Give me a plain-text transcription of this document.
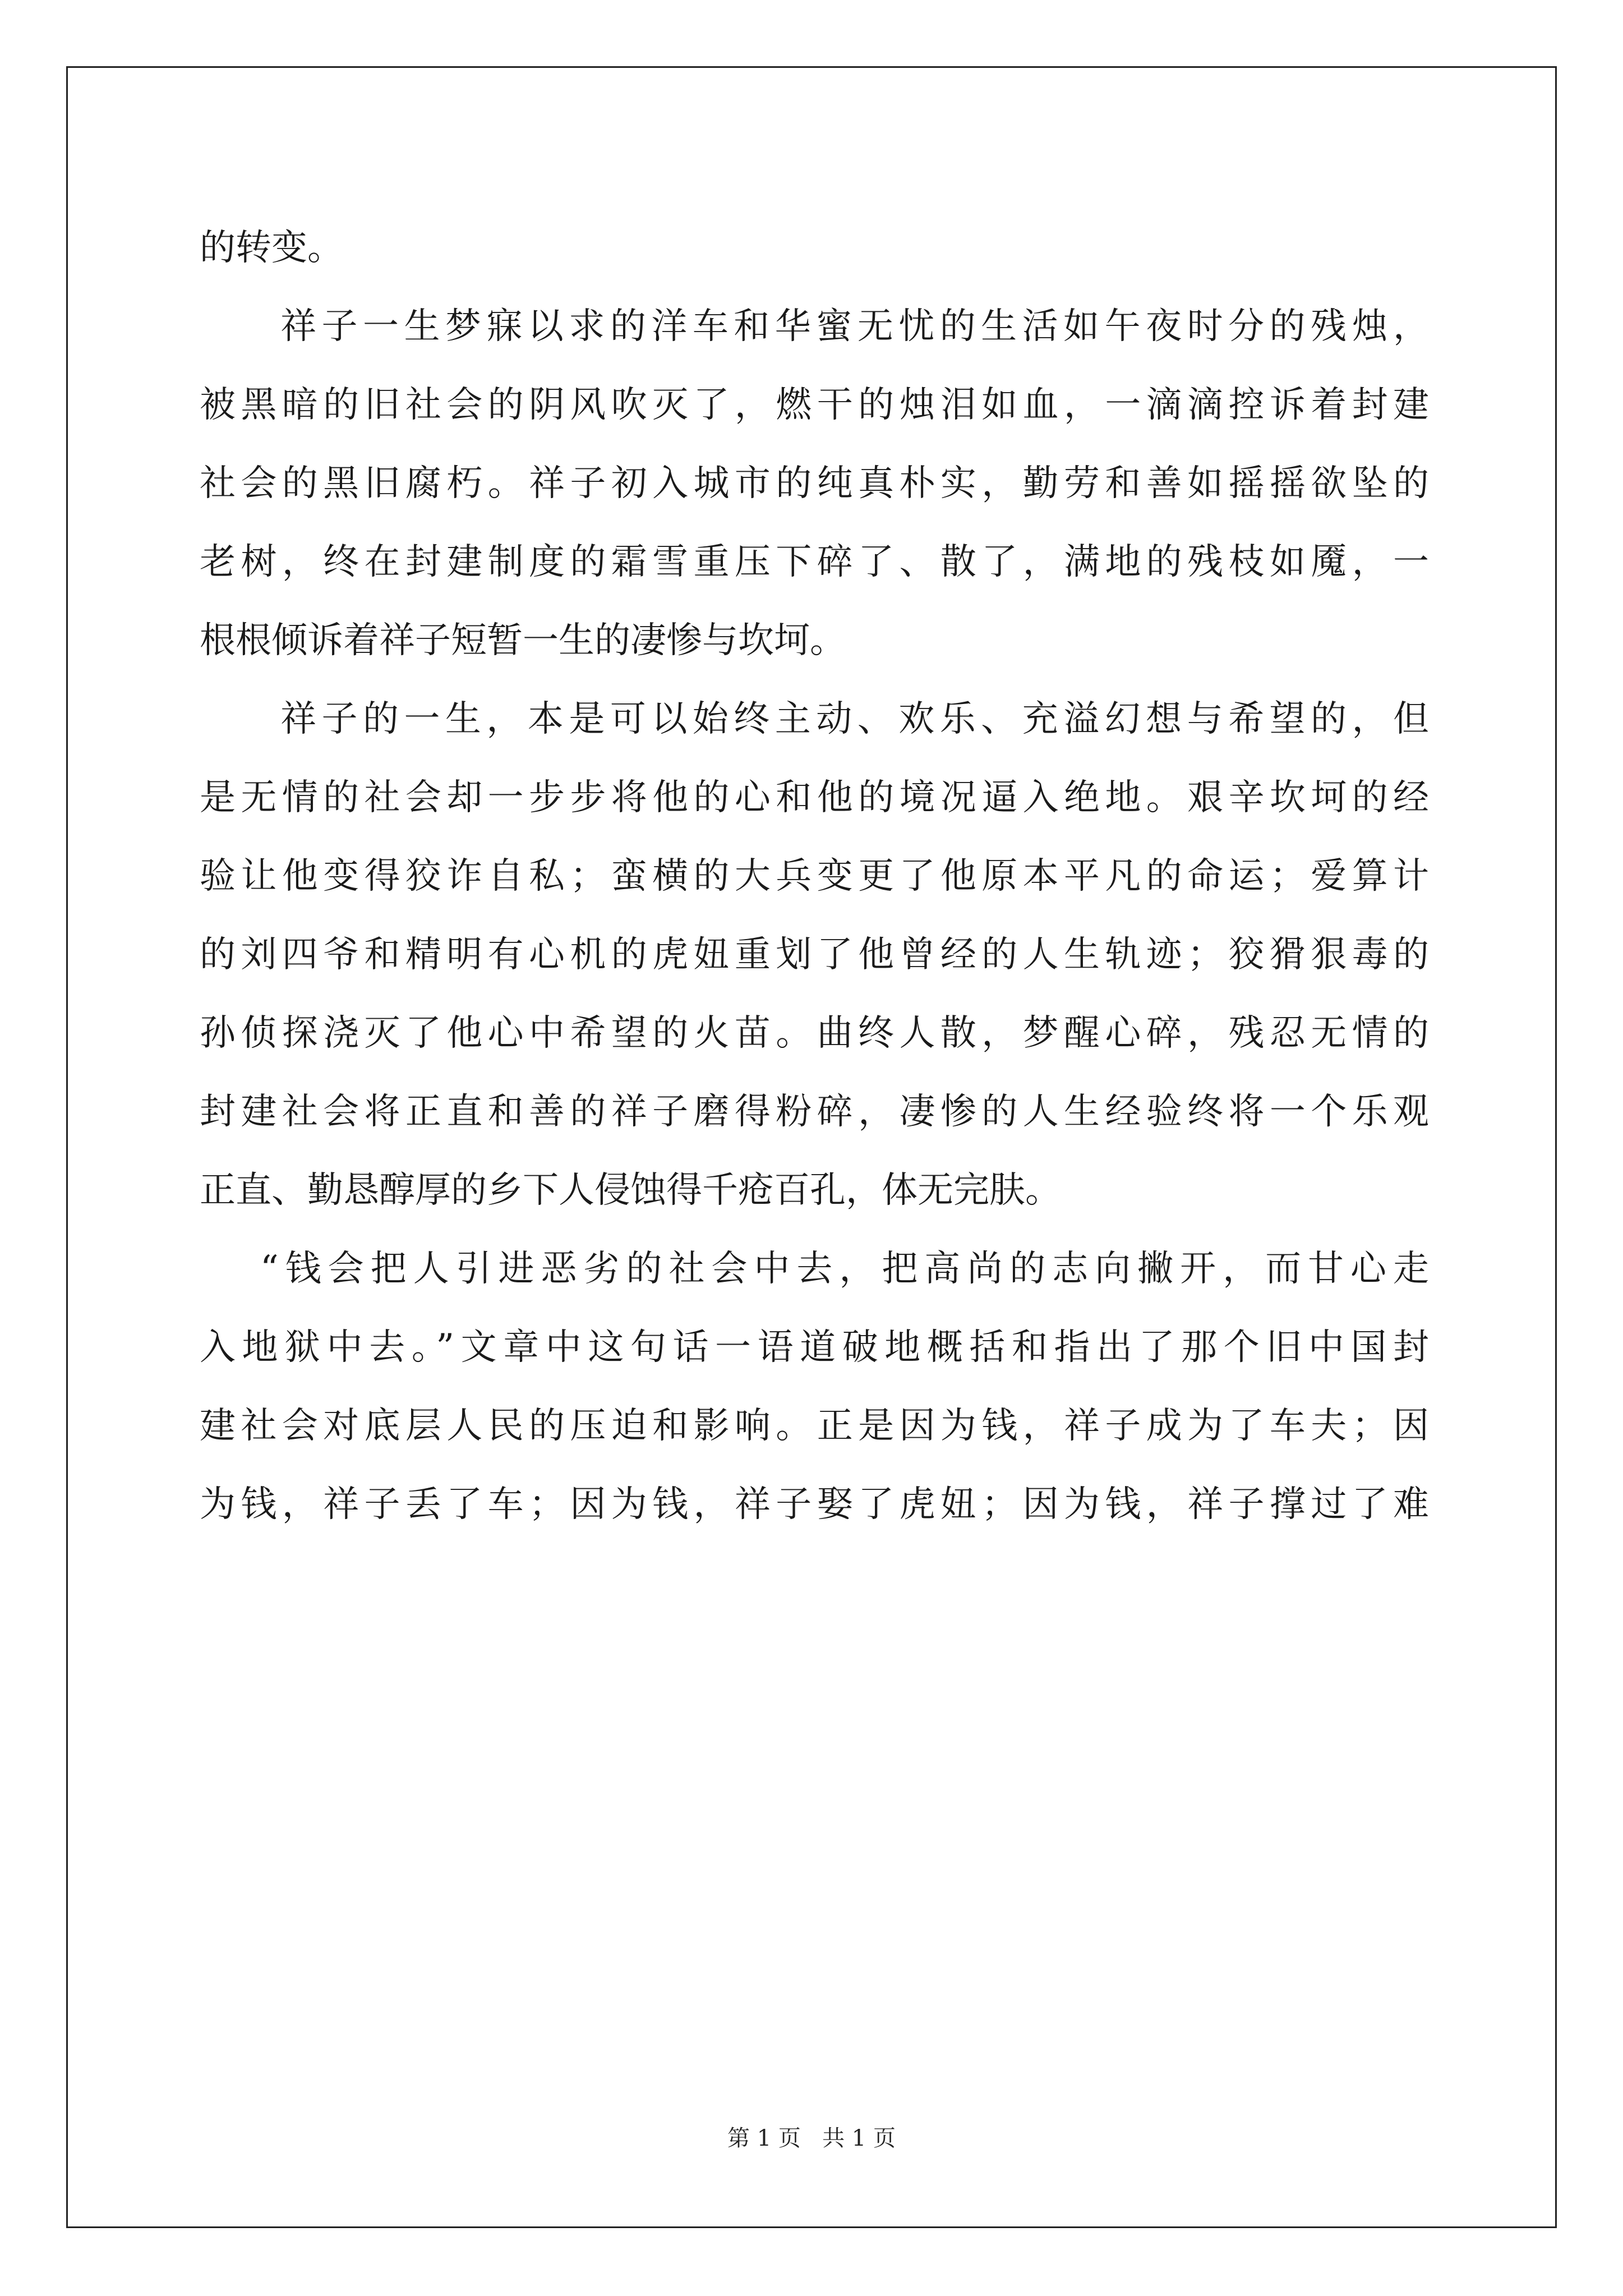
的转变。
祥子一生梦寐以求的洋车和华蜜无忧的生活如午夜时分的残烛，
被黑暗的旧社会的阴风吹灭了，燃干的烛泪如血，一滴滴控诉着封建
社会的黑旧腐朽。祥子初入城市的纯真朴实，勤劳和善如摇摇欲坠的
老树，终在封建制度的霜雪重压下碎了、散了，满地的残枝如魇，一
根根倾诉着祥子短暂一生的凄惨与坎坷。
祥子的一生，本是可以始终主动、欢乐、充溢幻想与希望的，但
是无情的社会却一步步将他的心和他的境况逼入绝地。艰辛坎坷的经
验让他变得狡诈自私；蛮横的大兵变更了他原本平凡的命运；爱算计
的刘四爷和精明有心机的虎妞重划了他曾经的人生轨迹；狡猾狠毒的
孙侦探浇灭了他心中希望的火苗。曲终人散，梦醒心碎，残忍无情的
封建社会将正直和善的祥子磨得粉碎，凄惨的人生经验终将一个乐观
正直、勤恳醇厚的乡下人侵蚀得千疮百孔，体无完肤。
“钱会把人引进恶劣的社会中去，把高尚的志向撇开，而甘心走
入地狱中去。”文章中这句话一语道破地概括和指出了那个旧中国封
建社会对底层人民的压迫和影响。正是因为钱，祥子成为了车夫；因
为钱，祥子丢了车；因为钱，祥子娶了虎妞；因为钱，祥子撑过了难
第 1 页 共 1 页
